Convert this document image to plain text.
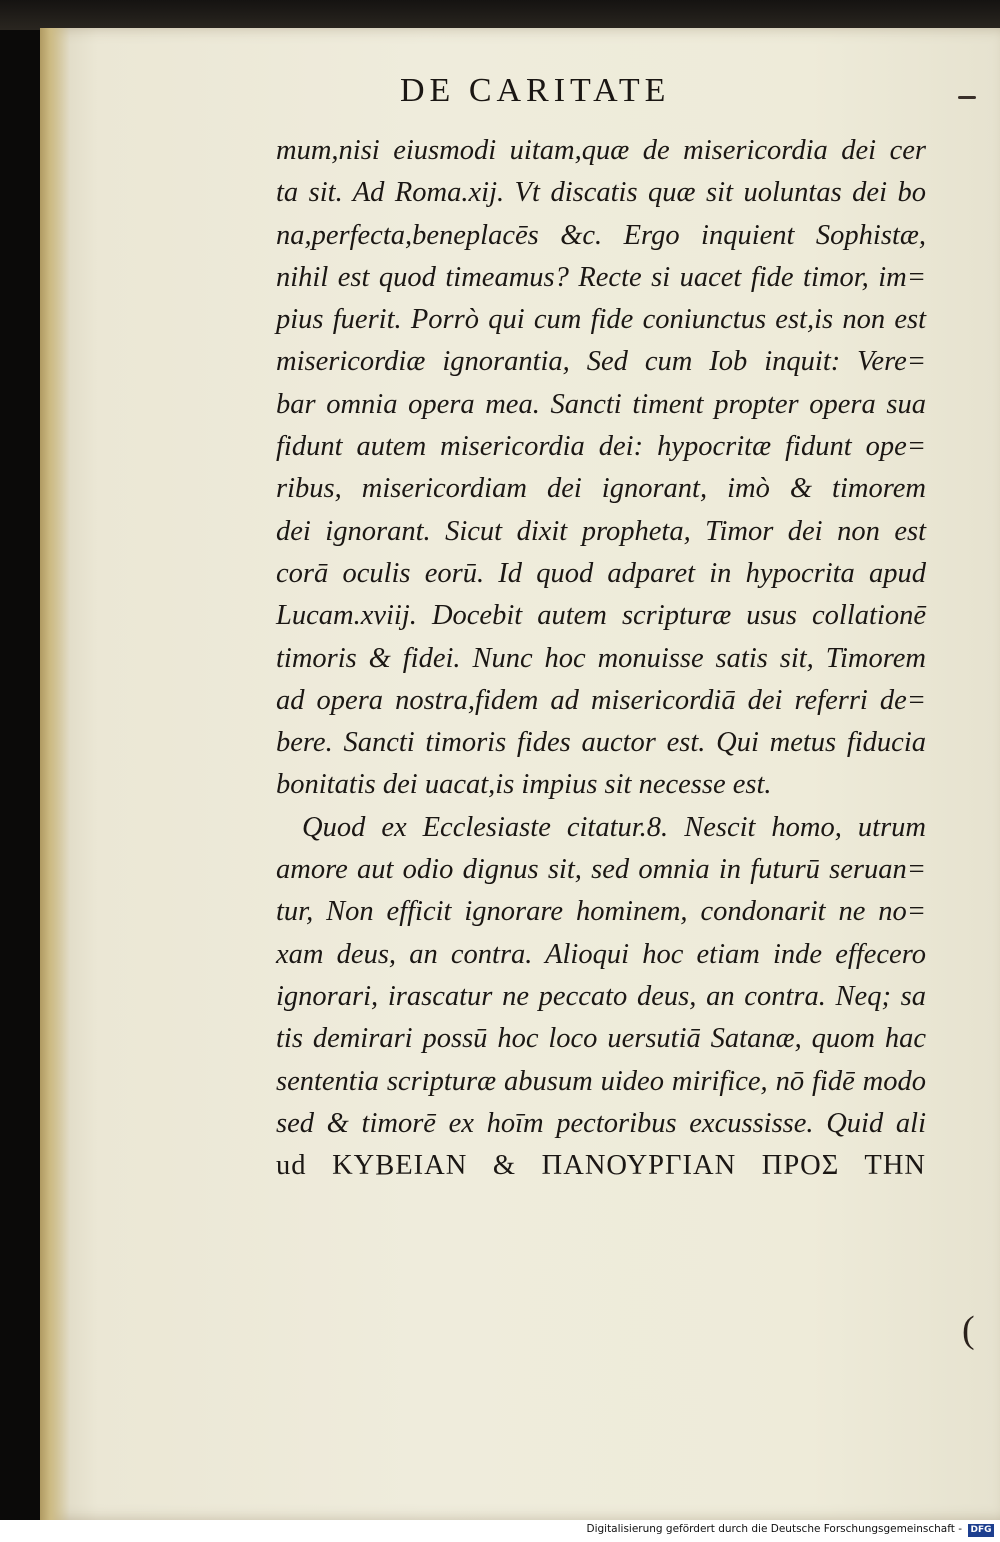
DE CARITATE
mum,nisi eiusmodi uitam,quæ de misericordia dei cer
ta sit. Ad Roma.xij. Vt discatis quæ sit uoluntas dei bo
na,perfecta,beneplacēs &c. Ergo inquient Sophistæ,
nihil est quod timeamus? Recte si uacet fide timor, im=
pius fuerit. Porrò qui cum fide coniunctus est,is non est
misericordiæ ignorantia, Sed cum Iob inquit: Vere=
bar omnia opera mea. Sancti timent propter opera sua
fidunt autem misericordia dei: hypocritæ fidunt ope=
ribus, misericordiam dei ignorant, imò & timorem
dei ignorant. Sicut dixit propheta, Timor dei non est
corā oculis eorū. Id quod adparet in hypocrita apud
Lucam.xviij. Docebit autem scripturæ usus collationē
timoris & fidei. Nunc hoc monuisse satis sit, Timorem
ad opera nostra,fidem ad misericordiā dei referri de=
bere. Sancti timoris fides auctor est. Qui metus fiducia
bonitatis dei uacat,is impius sit necesse est.
Quod ex Ecclesiaste citatur.8. Nescit homo, utrum
amore aut odio dignus sit, sed omnia in futurū seruan=
tur, Non efficit ignorare hominem, condonarit ne no=
xam deus, an contra. Alioqui hoc etiam inde effecero
ignorari, irascatur ne peccato deus, an contra. Neq; sa
tis demirari possū hoc loco uersutiā Satanæ, quom hac
sententia scripturæ abusum uideo mirifice, nō fidē modo
sed & timorē ex hoīm pectoribus excussisse. Quid ali
ud ΚΥΒΕΙΑΝ & ΠΑΝΟΥΡΓΙΑΝ ΠΡΟΣ ΤΗΝ
(
Digitalisierung gefördert durch die Deutsche Forschungsgemeinschaft - DFG
